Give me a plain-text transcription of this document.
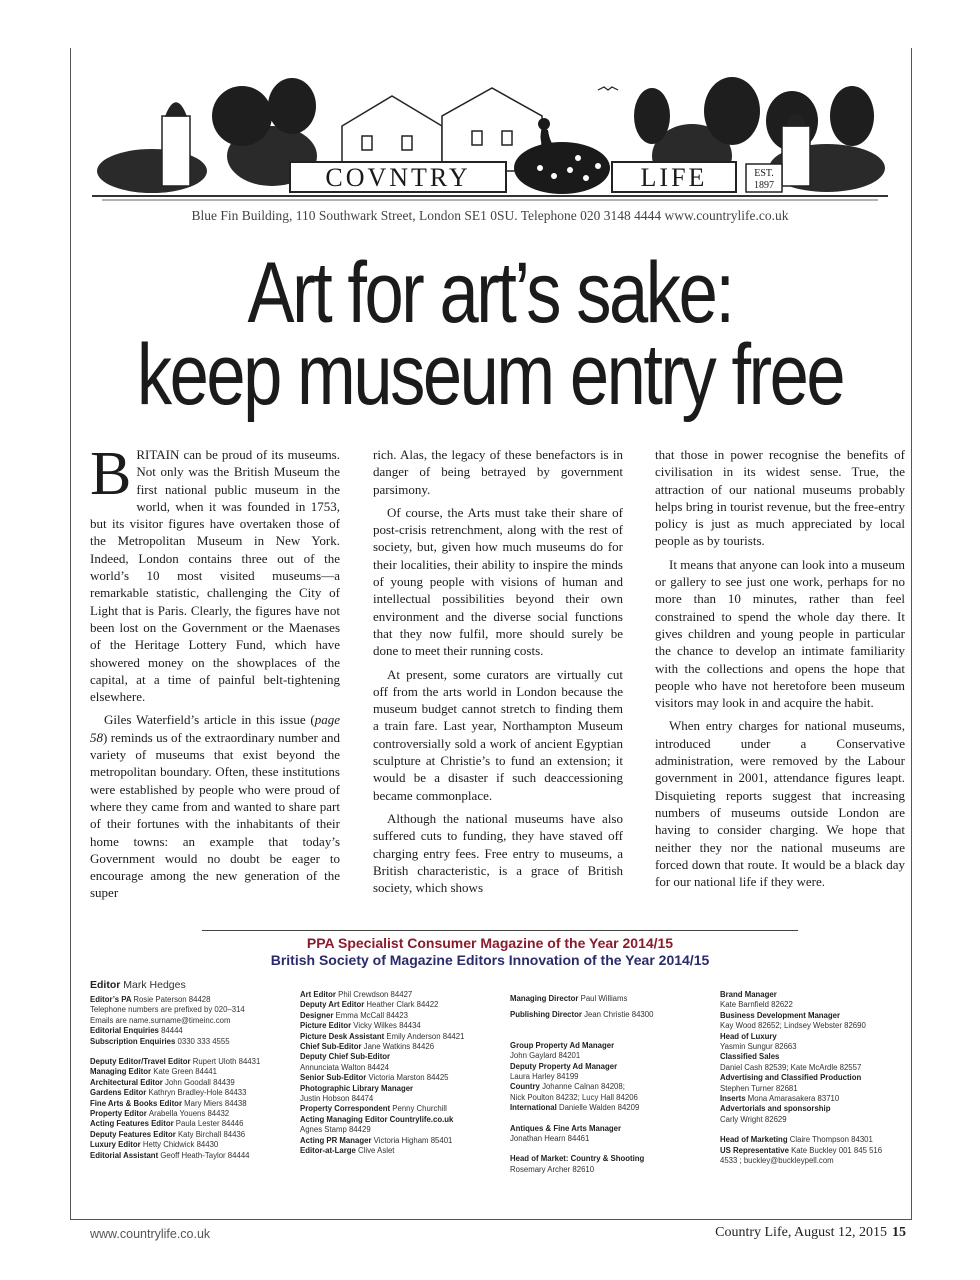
COVNTRY	LIFE	EST.
1897
Blue Fin Building, 110 Southwark Street, London SE1 0SU. Telephone 020 3148 4444 www.countrylife.co.uk
Art for art’s sake:
keep museum entry free

BRITAIN can be proud of its museums. Not only was the British Museum the first national public museum in the world, when it was founded in 1753, but its visitor figures have overtaken those of the Metropolitan Museum in New York. Indeed, London contains three out of the world’s 10 most visited museums—a remarkable statistic, challenging the City of Light that is Paris. Clearly, the figures have not been lost on the Government or the Maenases of the Heritage Lottery Fund, which have showered money on the showplaces of the capital, at a time of painful belt-tightening elsewhere.

Giles Waterfield’s article in this issue (page 58) reminds us of the extraordinary number and variety of museums that exist beyond the metropolitan boundary. Often, these institutions were established by people who were proud of where they came from and wanted to share part of their fortunes with the inhabitants of their home towns: an example that today’s Government would no doubt be eager to encourage among the new generation of the super

rich. Alas, the legacy of these benefactors is in danger of being betrayed by government parsimony.

Of course, the Arts must take their share of post-crisis retrenchment, along with the rest of society, but, given how much museums do for their localities, their ability to inspire the minds of young people with visions of human and intellectual possibilities beyond their own environment and the diverse social functions that they now fulfil, more should surely be done to meet their running costs.

At present, some curators are virtually cut off from the arts world in London because the museum budget cannot stretch to finding them a train fare. Last year, Northampton Museum controversially sold a work of ancient Egyptian sculpture at Christie’s to fund an extension; it would be a disaster if such deaccessioning became commonplace.

Although the national museums have also suffered cuts to funding, they have staved off charging entry fees. Free entry to museums, a British characteristic, is a grace of British society, which shows

that those in power recognise the benefits of civilisation in its widest sense. True, the attraction of our national museums probably helps bring in tourist revenue, but the free-entry policy is just as much appreciated by local people as by tourists.

It means that anyone can look into a museum or gallery to see just one work, perhaps for no more than 10 minutes, rather than feel constrained to spend the whole day there. It gives children and young people in particular the chance to develop an intimate familiarity with the collections and opens the hope that people who have not heretofore been museum visitors may look in and acquire the habit.

When entry charges for national museums, introduced under a Conservative administration, were removed by the Labour government in 2001, attendance figures leapt. Disquieting reports suggest that increasing numbers of museums outside London are having to consider charging. We hope that neither they nor the national museums are forced down that route. It would be a black day for our national life if they were.

PPA Specialist Consumer Magazine of the Year 2014/15
British Society of Magazine Editors Innovation of the Year 2014/15
Editor Mark Hedges
Editor’s PA Rosie Paterson 84428
Telephone numbers are prefixed by 020–314
Emails are name.surname@timeinc.com
Editorial Enquiries 84444
Subscription Enquiries 0330 333 4555
Deputy Editor/Travel Editor Rupert Uloth 84431
Managing Editor Kate Green 84441
Architectural Editor John Goodall 84439
Gardens Editor Kathryn Bradley-Hole 84433
Fine Arts & Books Editor Mary Miers 84438
Property Editor Arabella Youens 84432
Acting Features Editor Paula Lester 84446
Deputy Features Editor Katy Birchall 84436
Luxury Editor Hetty Chidwick 84430
Editorial Assistant Geoff Heath-Taylor 84444
Art Editor Phil Crewdson 84427
Deputy Art Editor Heather Clark 84422
Designer Emma McCall 84423
Picture Editor Vicky Wilkes 84434
Picture Desk Assistant Emily Anderson 84421
Chief Sub-Editor Jane Watkins 84426
Deputy Chief Sub-Editor
Annunciata Walton 84424
Senior Sub-Editor Victoria Marston 84425
Photographic Library Manager
Justin Hobson 84474
Property Correspondent Penny Churchill
Acting Managing Editor Countrylife.co.uk
Agnes Stamp 84429
Acting PR Manager Victoria Higham 85401
Editor-at-Large Clive Aslet
Managing Director Paul Williams
Publishing Director Jean Christie 84300
Group Property Ad Manager
John Gaylard 84201
Deputy Property Ad Manager
Laura Harley 84199
Country Johanne Calnan 84208;
Nick Poulton 84232; Lucy Hall 84206
International Danielle Walden 84209
Antiques & Fine Arts Manager
Jonathan Hearn 84461
Head of Market: Country & Shooting
Rosemary Archer 82610
Brand Manager
Kate Barnfield 82622
Business Development Manager
Kay Wood 82652; Lindsey Webster 82690
Head of Luxury
Yasmin Sungur 82663
Classified Sales
Daniel Cash 82539; Kate McArdle 82557
Advertising and Classified Production
Stephen Turner 82681
Inserts Mona Amarasakera 83710
Advertorials and sponsorship
Carly Wright 82629
Head of Marketing Claire Thompson 84301
US Representative Kate Buckley 001 845 516
4533 ; buckley@buckleypell.com
www.countrylife.co.uk	Country Life, August 12, 2015 15
